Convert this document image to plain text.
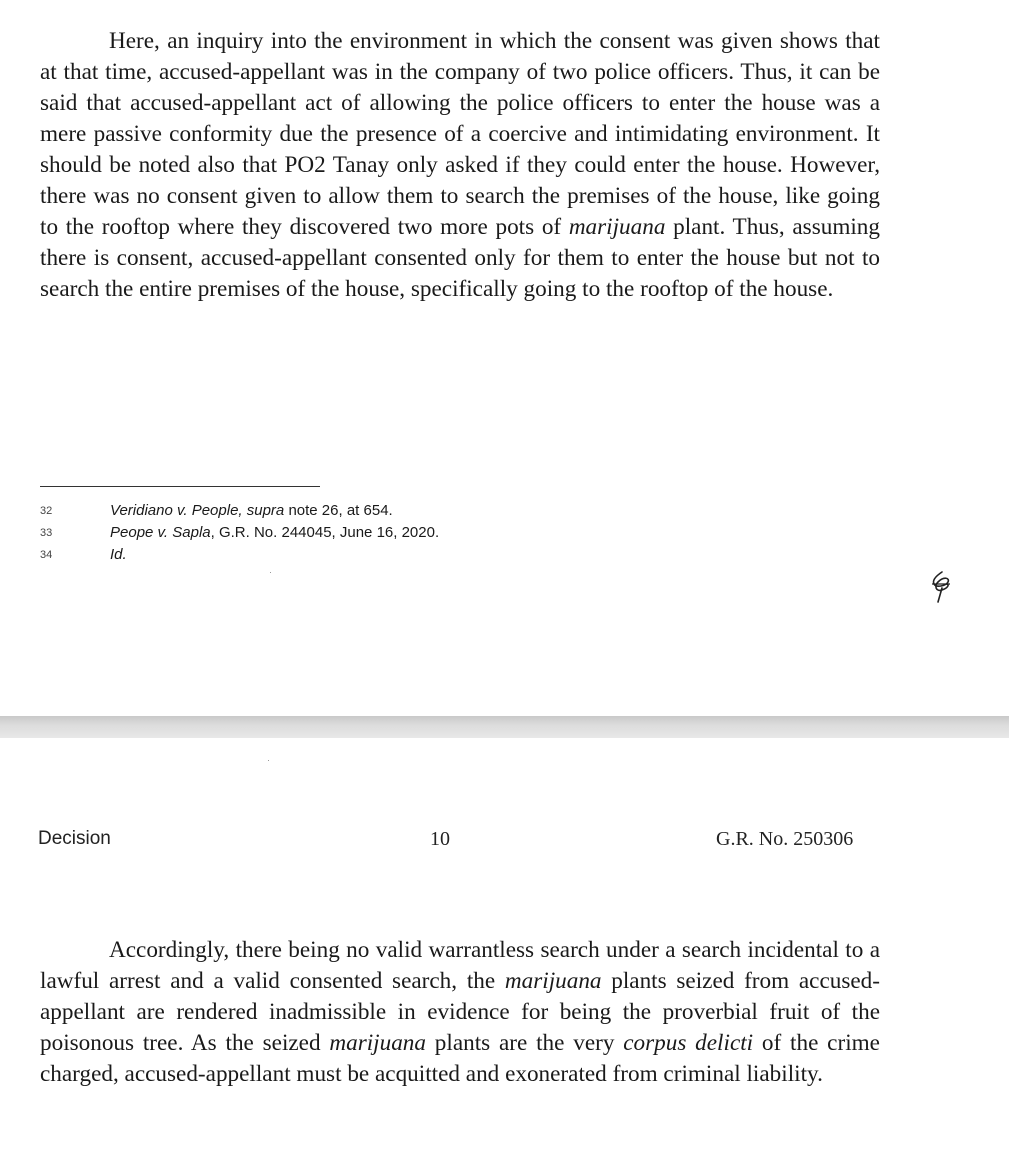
Here, an inquiry into the environment in which the consent was given shows that at that time, accused-appellant was in the company of two police officers. Thus, it can be said that accused-appellant act of allowing the police officers to enter the house was a mere passive conformity due the presence of a coercive and intimidating environment. It should be noted also that PO2 Tanay only asked if they could enter the house. However, there was no consent given to allow them to search the premises of the house, like going to the rooftop where they discovered two more pots of marijuana plant. Thus, assuming there is consent, accused-appellant consented only for them to enter the house but not to search the entire premises of the house, specifically going to the rooftop of the house.

32	Veridiano v. People, supra note 26, at 654.
33	Peope v. Sapla, G.R. No. 244045, June 16, 2020.
34	Id.
Decision	10	G.R. No. 250306

Accordingly, there being no valid warrantless search under a search incidental to a lawful arrest and a valid consented search, the marijuana plants seized from accused-appellant are rendered inadmissible in evidence for being the proverbial fruit of the poisonous tree. As the seized marijuana plants are the very corpus delicti of the crime charged, accused-appellant must be acquitted and exonerated from criminal liability.
